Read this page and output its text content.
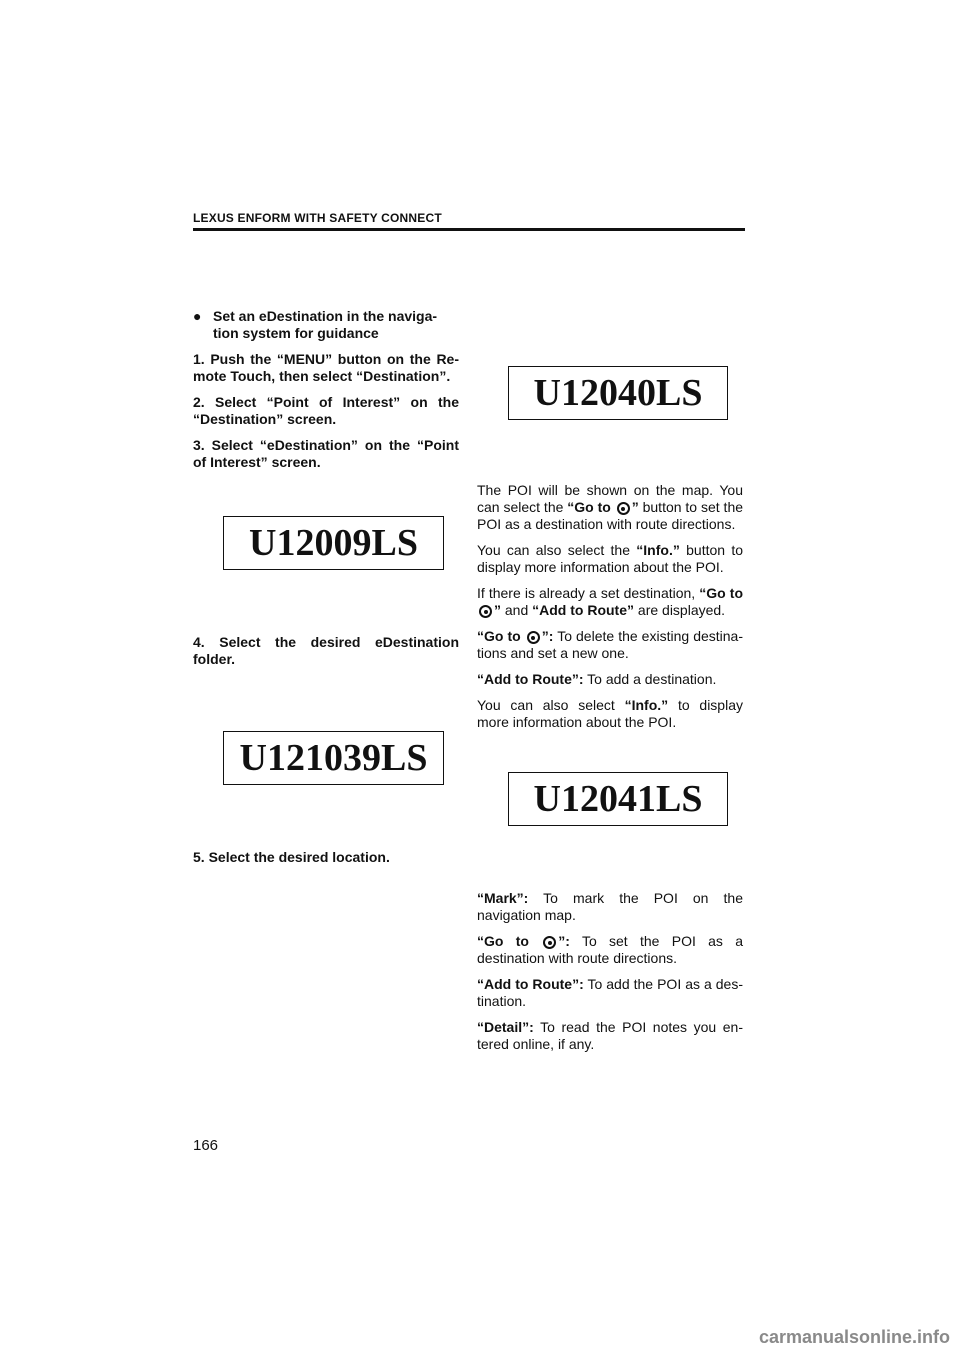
LEXUS ENFORM WITH SAFETY CONNECT
● Set an eDestination in the naviga-tion system for guidance

1. Push the “MENU” button on the Re-mote Touch, then select “Destination”.

2. Select “Point of Interest” on the “Destination” screen.

3. Select “eDestination” on the “Point of Interest” screen.

U12009LS

4. Select the desired eDestination folder.

U121039LS

5. Select the desired location.

U12040LS

The POI will be shown on the map. You can select the “Go to ” button to set the POI as a destination with route directions.

You can also select the “Info.” button to display more information about the POI.

If there is already a set destination, “Go to ” and “Add to Route” are displayed.

“Go to ”: To delete the existing destina-tions and set a new one.

“Add to Route”: To add a destination.

You can also select “Info.” to display more information about the POI.

U12041LS

“Mark”: To mark the POI on the navigation map.

“Go to ”: To set the POI as a destination with route directions.

“Add to Route”: To add the POI as a des-tination.

“Detail”: To read the POI notes you en-tered online, if any.

166
carmanualsonline.info
